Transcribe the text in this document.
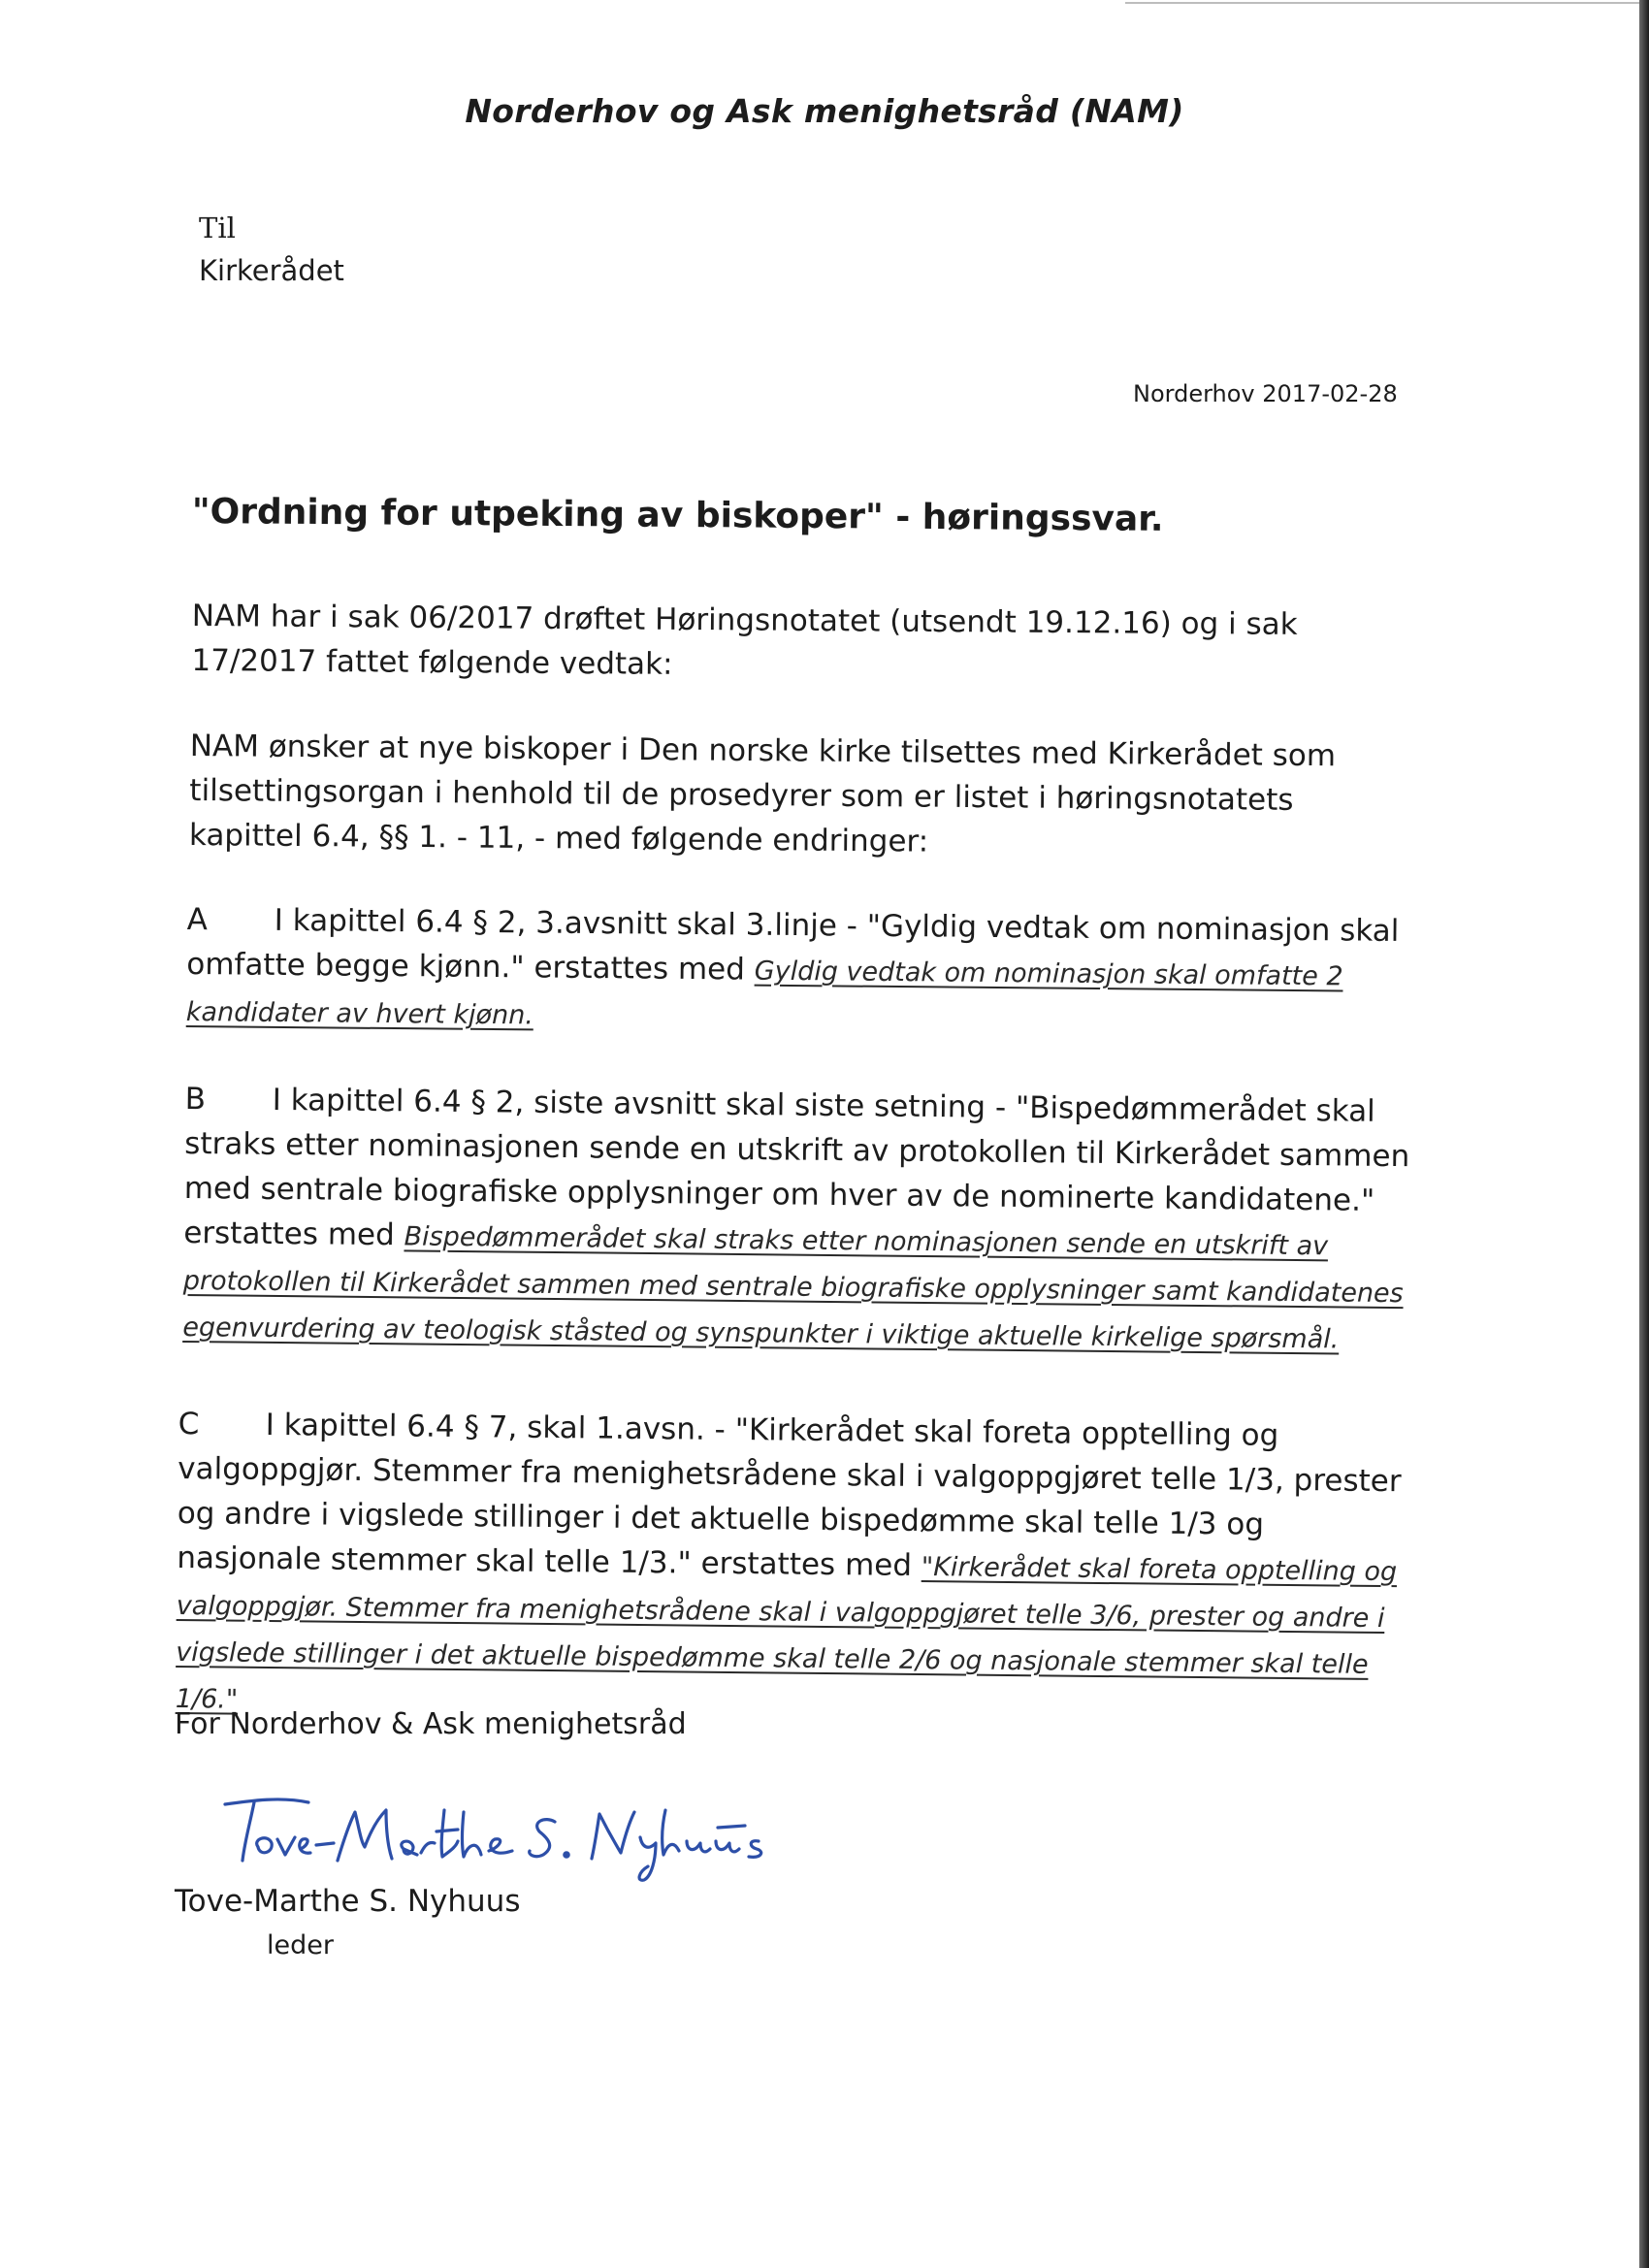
Norderhov og Ask menighetsråd (NAM)
Til
Kirkerådet
Norderhov 2017-02-28
"Ordning for utpeking av biskoper" - høringssvar.
NAM har i sak 06/2017 drøftet Høringsnotatet (utsendt 19.12.16) og i sak 17/2017 fattet følgende vedtak:
NAM ønsker at nye biskoper i Den norske kirke tilsettes med Kirkerådet som tilsettingsorgan i henhold til de prosedyrer som er listet i høringsnotatets kapittel 6.4, §§ 1. - 11, - med følgende endringer:
A I kapittel 6.4 § 2, 3.avsnitt skal 3.linje - "Gyldig vedtak om nominasjon skal omfatte begge kjønn." erstattes med Gyldig vedtak om nominasjon skal omfatte 2 kandidater av hvert kjønn.
B I kapittel 6.4 § 2, siste avsnitt skal siste setning - "Bispedømmerådet skal straks etter nominasjonen sende en utskrift av protokollen til Kirkerådet sammen med sentrale biografiske opplysninger om hver av de nominerte kandidatene." erstattes med Bispedømmerådet skal straks etter nominasjonen sende en utskrift av protokollen til Kirkerådet sammen med sentrale biografiske opplysninger samt kandidatenes egenvurdering av teologisk ståsted og synspunkter i viktige aktuelle kirkelige spørsmål.
C I kapittel 6.4 § 7, skal 1.avsn. - "Kirkerådet skal foreta opptelling og valgoppgjør. Stemmer fra menighetsrådene skal i valgoppgjøret telle 1/3, prester og andre i vigslede stillinger i det aktuelle bispedømme skal telle 1/3 og nasjonale stemmer skal telle 1/3." erstattes med "Kirkerådet skal foreta opptelling og valgoppgjør. Stemmer fra menighetsrådene skal i valgoppgjøret telle 3/6, prester og andre i vigslede stillinger i det aktuelle bispedømme skal telle 2/6 og nasjonale stemmer skal telle 1/6."
For Norderhov & Ask menighetsråd
Tove-Marthe S. Nyhuus
leder
